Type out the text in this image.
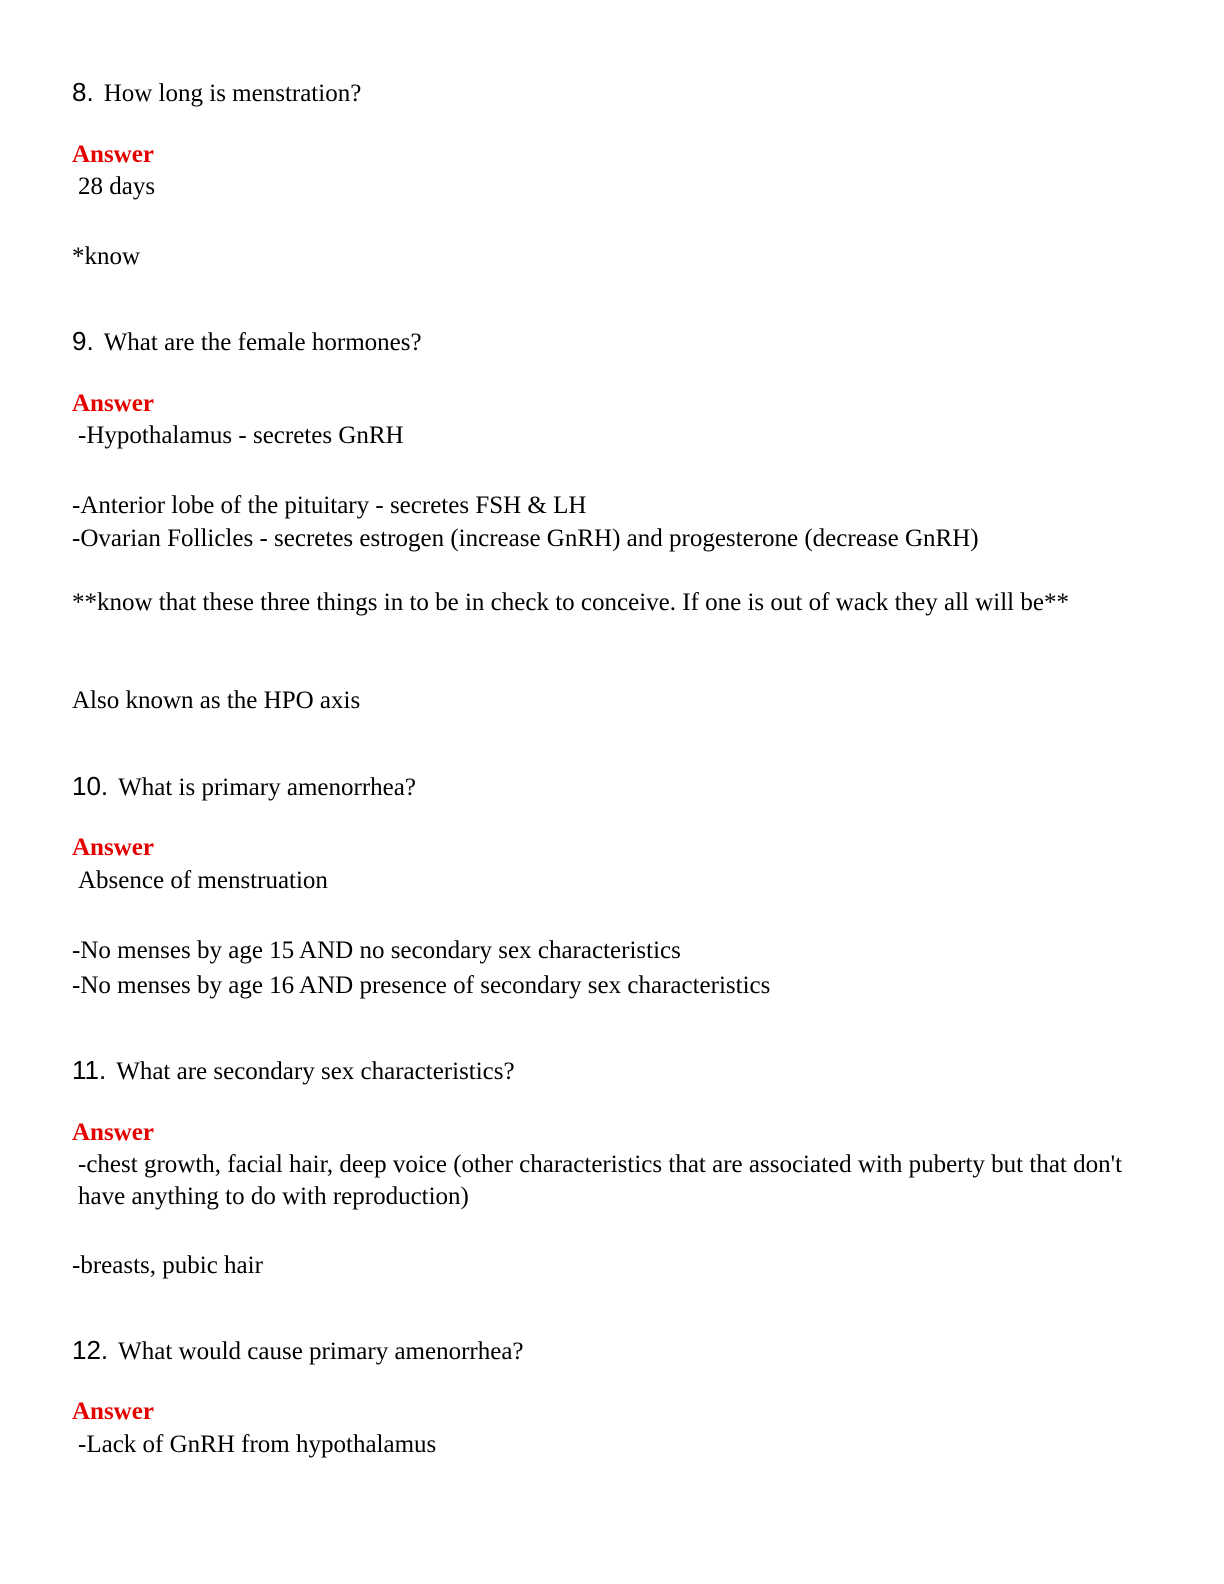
8. How long is menstration?
Answer
28 days
*know
9. What are the female hormones?
Answer
-Hypothalamus - secretes GnRH
-Anterior lobe of the pituitary - secretes FSH & LH
-Ovarian Follicles - secretes estrogen (increase GnRH) and progesterone (decrease GnRH)
**know that these three things in to be in check to conceive. If one is out of wack they all will be**
Also known as the HPO axis
10. What is primary amenorrhea?
Answer
Absence of menstruation
-No menses by age 15 AND no secondary sex characteristics
-No menses by age 16 AND presence of secondary sex characteristics
11. What are secondary sex characteristics?
Answer
-chest growth, facial hair, deep voice (other characteristics that are associated with puberty but that don't have anything to do with reproduction)
-breasts, pubic hair
12. What would cause primary amenorrhea?
Answer
-Lack of GnRH from hypothalamus
